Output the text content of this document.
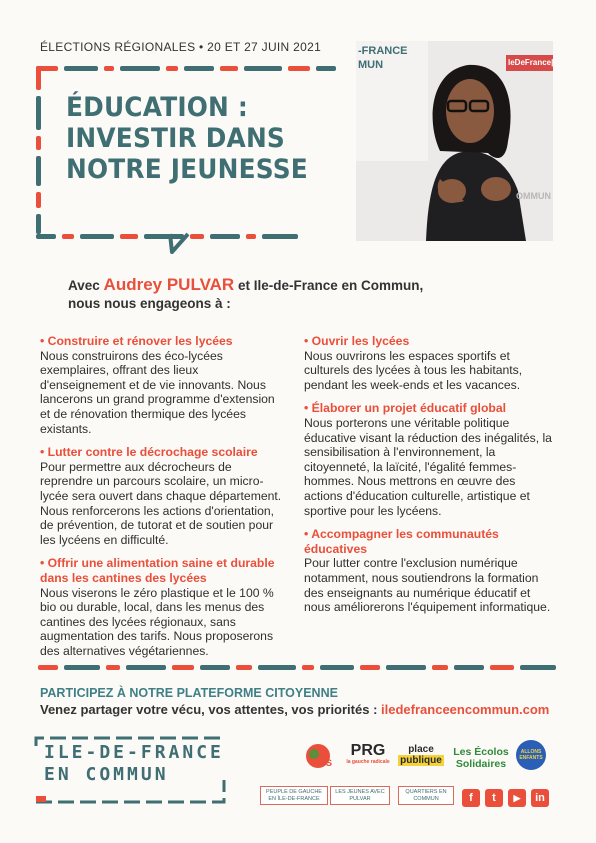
ÉLECTIONS RÉGIONALES • 20 ET 27 JUIN 2021
ÉDUCATION :
INVESTIR DANS
NOTRE JEUNESSE
-FRANCE
MUN	leDeFrance|
OMMUN
Avec Audrey PULVAR et Ile-de-France en Commun,
nous nous engageons à :

• Construire et rénover les lycées

Nous construirons des éco-lycées exemplaires, offrant des lieux d'enseignement et de vie innovants. Nous lancerons un grand programme d'extension et de rénovation thermique des lycées existants.

• Lutter contre le décrochage scolaire

Pour permettre aux décrocheurs de reprendre un parcours scolaire, un micro-lycée sera ouvert dans chaque département. Nous renforcerons les actions d'orientation, de prévention, de tutorat et de soutien pour les lycéens en difficulté.

• Offrir une alimentation saine et durable dans les cantines des lycées

Nous viserons le zéro plastique et le 100 % bio ou durable, local, dans les menus des cantines des lycées régionaux, sans augmentation des tarifs. Nous proposerons des alternatives végétariennes.

• Ouvrir les lycées

Nous ouvrirons les espaces sportifs et culturels des lycées à tous les habitants, pendant les week-ends et les vacances.

• Élaborer un projet éducatif global

Nous porterons une véritable politique éducative visant la réduction des inégalités, la sensibilisation à l'environnement, la citoyenneté, la laïcité, l'égalité femmes-hommes. Nous mettrons en œuvre des actions d'éducation culturelle, artistique et sportive pour les lycéens.

• Accompagner les communautés éducatives

Pour lutter contre l'exclusion numérique notamment, nous soutiendrons la formation des enseignants au numérique éducatif et nous améliorerons l'équipement informatique.

PARTICIPEZ À NOTRE PLATEFORME CITOYENNE
Venez partager votre vécu, vos attentes, vos priorités : iledefranceencommun.com
ILE-DE-FRANCE
EN COMMUN
PS
PRG
la gauche radicale
place
publique
Les Écolos
Solidaires
ALLONS ENFANTS
PEUPLE DE GAUCHE EN ÎLE-DE-FRANCE
LES JEUNES AVEC PULVAR
QUARTIERS EN COMMUN	f	t	▶	in
